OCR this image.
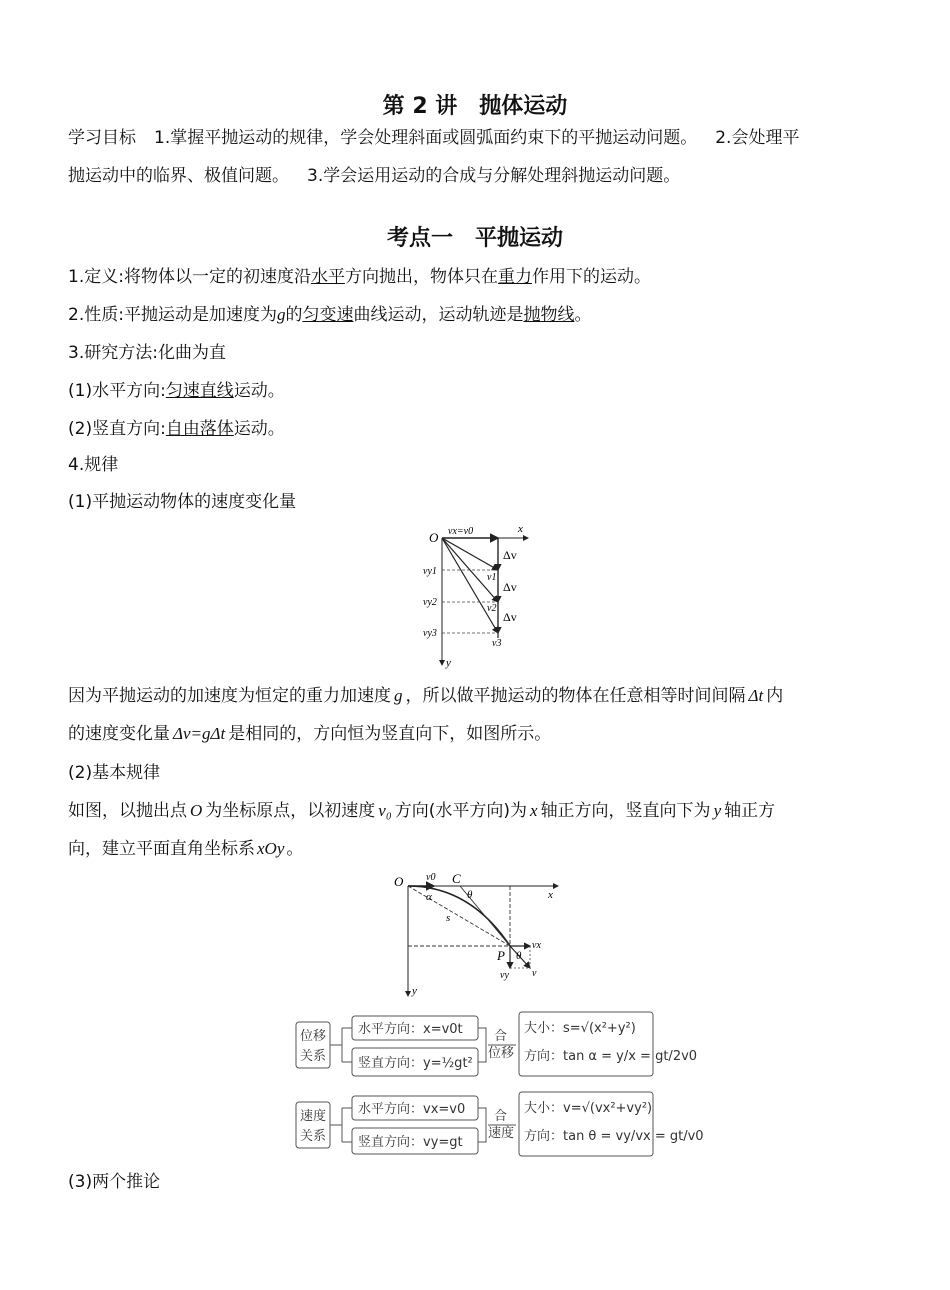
第 2 讲　抛体运动
学习目标 1.掌握平抛运动的规律，学会处理斜面或圆弧面约束下的平抛运动问题。 2.会处理平
抛运动中的临界、极值问题。 3.学会运用运动的合成与分解处理斜抛运动问题。
考点一　平抛运动
1.定义:将物体以一定的初速度沿水平方向抛出，物体只在重力作用下的运动。
2.性质:平抛运动是加速度为g的匀变速曲线运动，运动轨迹是抛物线。
3.研究方法:化曲为直
(1)水平方向:匀速直线运动。
(2)竖直方向:自由落体运动。
4.规律
(1)平抛运动物体的速度变化量
O vx=v0	x
y
Δv
Δv
Δv
vy1
vy2
vy3
v1
v2
v3
因为平抛运动的加速度为恒定的重力加速度 g ，所以做平抛运动的物体在任意相等时间间隔 Δt 内
的速度变化量 Δv=gΔt 是相同的，方向恒为竖直向下，如图所示。
(2)基本规律
如图，以抛出点 O 为坐标原点，以初速度 v₀ 方向(水平方向)为 x 轴正方向，竖直向下为 y 轴正方
向，建立平面直角坐标系 xOy 。
O v0 C
θ
α
s
P θ
vx
vy v
x
y
位移
关系
水平方向：x=v0t
竖直方向：y=½gt²
合
位移
大小：s=√(x²+y²)
方向：tan α = y/x = gt/2v0
速度
关系
水平方向：vx=v0
竖直方向：vy=gt
合
速度
大小：v=√(vx²+vy²)
方向：tan θ = vy/vx = gt/v0
(3)两个推论
